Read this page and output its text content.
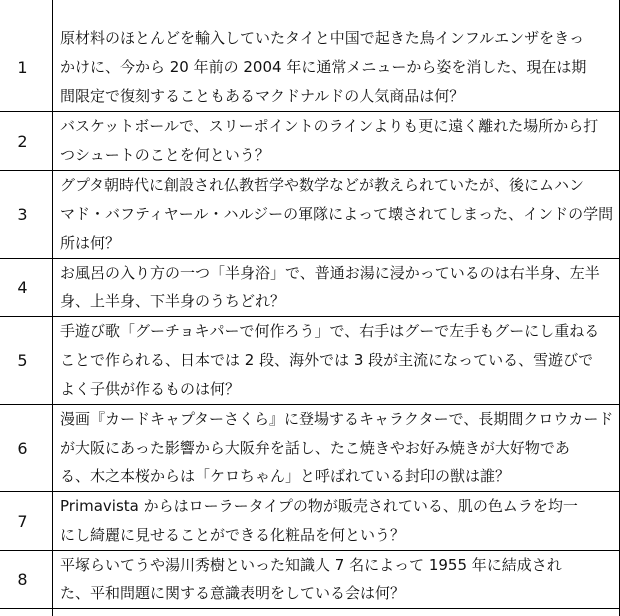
1
原材料のほとんどを輸入していたタイと中国で起きた鳥インフルエンザをきっ
かけに、今から 20 年前の 2004 年に通常メニューから姿を消した、現在は期
間限定で復刻することもあるマクドナルドの人気商品は何？
2
バスケットボールで、スリーポイントのラインよりも更に遠く離れた場所から打
つシュートのことを何という？
3
グプタ朝時代に創設され仏教哲学や数学などが教えられていたが、後にムハン
マド・バフティヤール・ハルジーの軍隊によって壊されてしまった、インドの学問
所は何？
4
お風呂の入り方の一つ「半身浴」で、普通お湯に浸かっているのは右半身、左半
身、上半身、下半身のうちどれ？
5
手遊び歌「グーチョキパーで何作ろう」で、右手はグーで左手もグーにし重ねる
ことで作られる、日本では 2 段、海外では 3 段が主流になっている、雪遊びで
よく子供が作るものは何？
6
漫画『カードキャプターさくら』に登場するキャラクターで、長期間クロウカード
が大阪にあった影響から大阪弁を話し、たこ焼きやお好み焼きが大好物であ
る、木之本桜からは「ケロちゃん」と呼ばれている封印の獣は誰？
7
Primavista からはローラータイプの物が販売されている、肌の色ムラを均一
にし綺麗に見せることができる化粧品を何という？
8
平塚らいてうや湯川秀樹といった知識人 7 名によって 1955 年に結成され
た、平和問題に関する意識表明をしている会は何？
